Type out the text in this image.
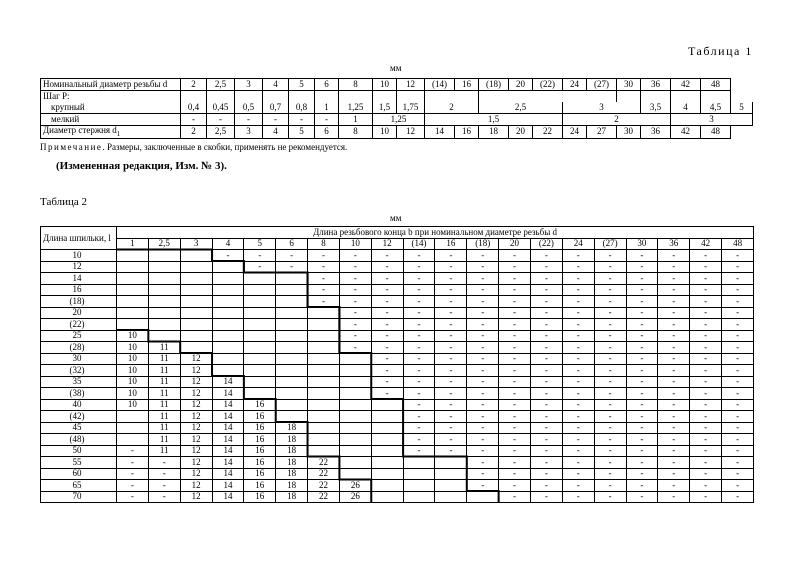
Таблица 1
мм
Номинальный диаметр резьбы d	2	2,5	3	4	5	6	8	10	12	(14)	16	(18)	20	(22)	24	(27)	30	36	42	48	
Шаг P:																					
крупный	0,4	0,45	0,5	0,7	0,8	1	1,25	1,5	1,75	2		2,5			3			3,5	4	4,5	5
мелкий	-	-	-	-	-	-	1	1,25		1,5					2				3		
Диаметр стержня $d_1$	2	2,5	3	4	5	6	8	10	12	14	16	18	20	22	24	27	30	36	42	48	
Примечание. Размеры, заключенные в скобки, применять не рекомендуется.
(Измененная редакция, Изм. № 3).
Таблица 2
мм
Длина шпильки, l	Длина резьбового конца b при номинальном диаметре резьбы d																			
	1	2,5	3	4	5	6	8	10	12	(14)	16	(18)	20	(22)	24	(27)	30	36	42	48
10				-	-	-	-	-	-	-	-	-	-	-	-	-	-	-	-	-
12					-	-	-	-	-	-	-	-	-	-	-	-	-	-	-	-
14							-	-	-	-	-	-	-	-	-	-	-	-	-	-
16							-	-	-	-	-	-	-	-	-	-	-	-	-	-
(18)							-	-	-	-	-	-	-	-	-	-	-	-	-	-
20								-	-	-	-	-	-	-	-	-	-	-	-	-
(22)								-	-	-	-	-	-	-	-	-	-	-	-	-
25	10							-	-	-	-	-	-	-	-	-	-	-	-	-
(28)	10	11						-	-	-	-	-	-	-	-	-	-	-	-	-
30	10	11	12						-	-	-	-	-	-	-	-	-	-	-	-
(32)	10	11	12						-	-	-	-	-	-	-	-	-	-	-	-
35	10	11	12	14					-	-	-	-	-	-	-	-	-	-	-	-
(38)	10	11	12	14					-	-	-	-	-	-	-	-	-	-	-	-
40	10	11	12	14	16					-	-	-	-	-	-	-	-	-	-	-
(42)		11	12	14	16					-	-	-	-	-	-	-	-	-	-	-
45		11	12	14	16	18				-	-	-	-	-	-	-	-	-	-	-
(48)		11	12	14	16	18				-	-	-	-	-	-	-	-	-	-	-
50	-	11	12	14	16	18				-	-	-	-	-	-	-	-	-	-	-
55	-	-	12	14	16	18	22					-	-	-	-	-	-	-	-	-
60	-	-	12	14	16	18	22					-	-	-	-	-	-	-	-	-
65	-	-	12	14	16	18	22	26				-	-	-	-	-	-	-	-	-
70	-	-	12	14	16	18	22	26					-	-	-	-	-	-	-	-
